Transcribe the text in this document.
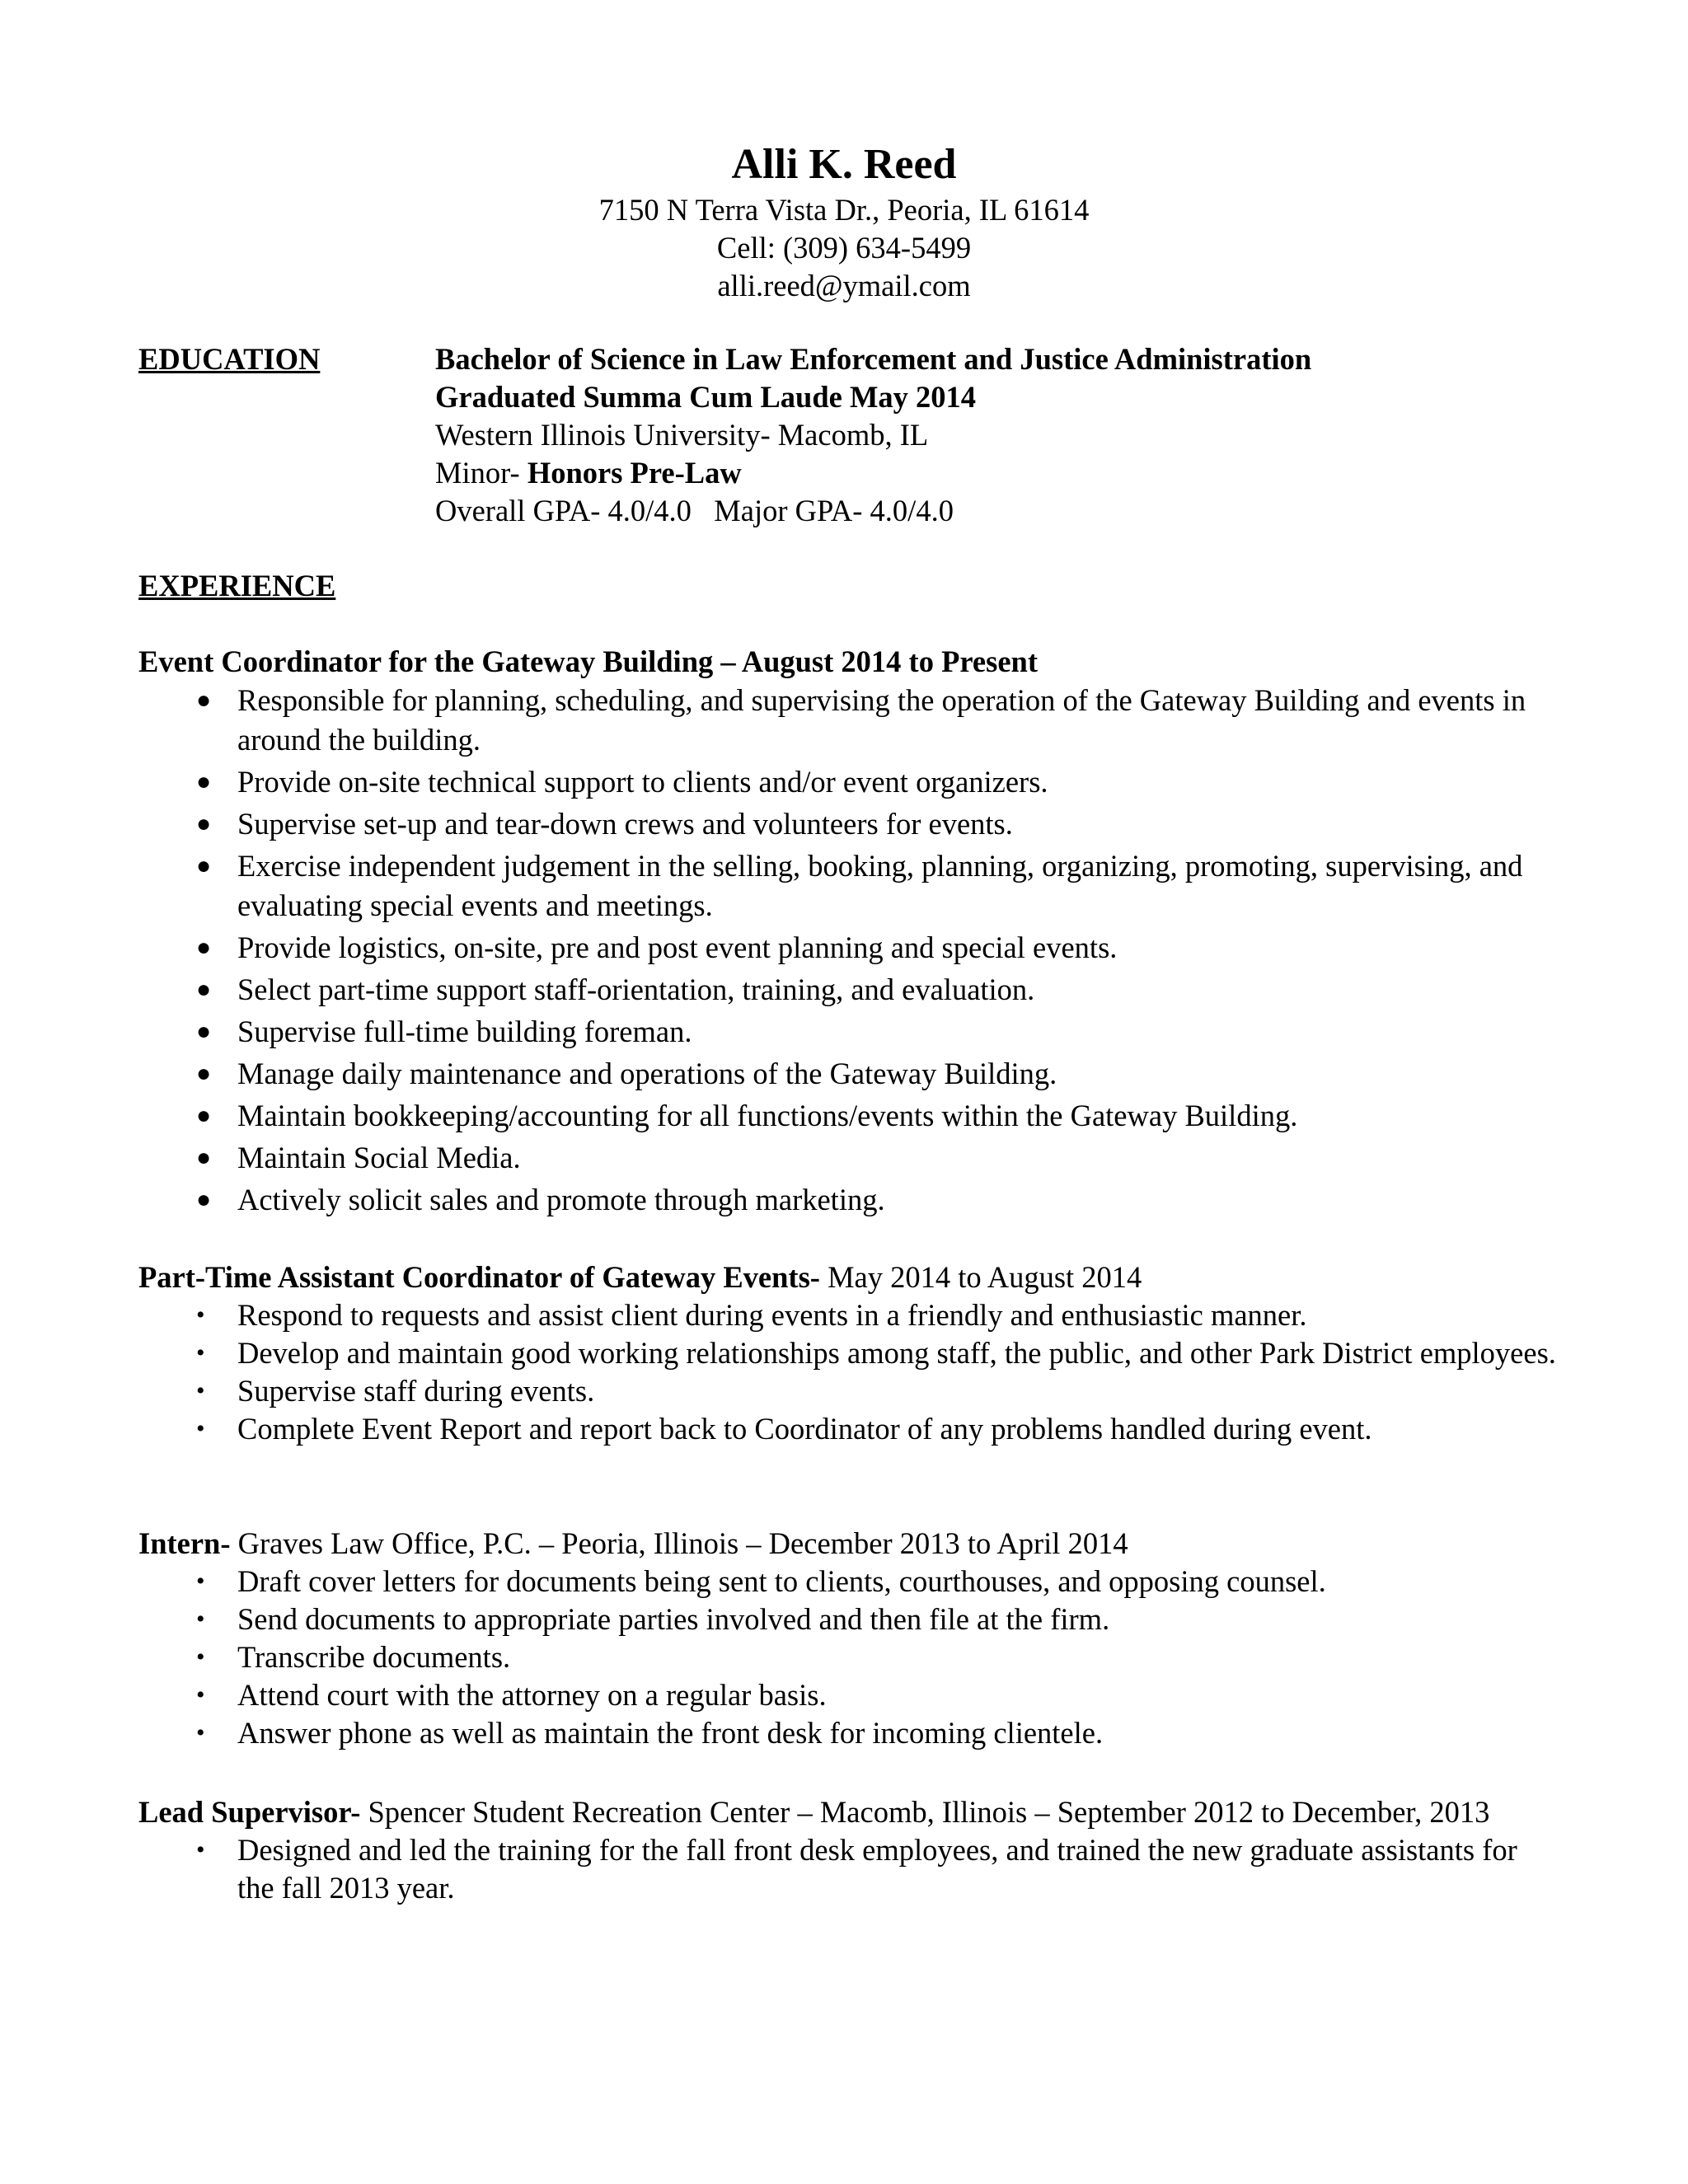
Alli K. Reed
7150 N Terra Vista Dr., Peoria, IL 61614
Cell: (309) 634-5499
alli.reed@ymail.com
EDUCATION	Bachelor of Science in Law Enforcement and Justice Administration
Graduated Summa Cum Laude May 2014
Western Illinois University- Macomb, IL
Minor- Honors Pre-Law
Overall GPA- 4.0/4.0   Major GPA- 4.0/4.0
EXPERIENCE
Event Coordinator for the Gateway Building – August 2014 to Present
● Responsible for planning, scheduling, and supervising the operation of the Gateway Building and events in around the building.
● Provide on-site technical support to clients and/or event organizers.
● Supervise set-up and tear-down crews and volunteers for events.
● Exercise independent judgement in the selling, booking, planning, organizing, promoting, supervising, and evaluating special events and meetings.
● Provide logistics, on-site, pre and post event planning and special events.
● Select part-time support staff-orientation, training, and evaluation.
● Supervise full-time building foreman.
● Manage daily maintenance and operations of the Gateway Building.
● Maintain bookkeeping/accounting for all functions/events within the Gateway Building.
● Maintain Social Media.
● Actively solicit sales and promote through marketing.
Part-Time Assistant Coordinator of Gateway Events- May 2014 to August 2014
• Respond to requests and assist client during events in a friendly and enthusiastic manner.
• Develop and maintain good working relationships among staff, the public, and other Park District employees.
• Supervise staff during events.
• Complete Event Report and report back to Coordinator of any problems handled during event.
Intern- Graves Law Office, P.C. – Peoria, Illinois – December 2013 to April 2014
• Draft cover letters for documents being sent to clients, courthouses, and opposing counsel.
• Send documents to appropriate parties involved and then file at the firm.
• Transcribe documents.
• Attend court with the attorney on a regular basis.
• Answer phone as well as maintain the front desk for incoming clientele.
Lead Supervisor- Spencer Student Recreation Center – Macomb, Illinois – September 2012 to December, 2013
• Designed and led the training for the fall front desk employees, and trained the new graduate assistants for the fall 2013 year.
